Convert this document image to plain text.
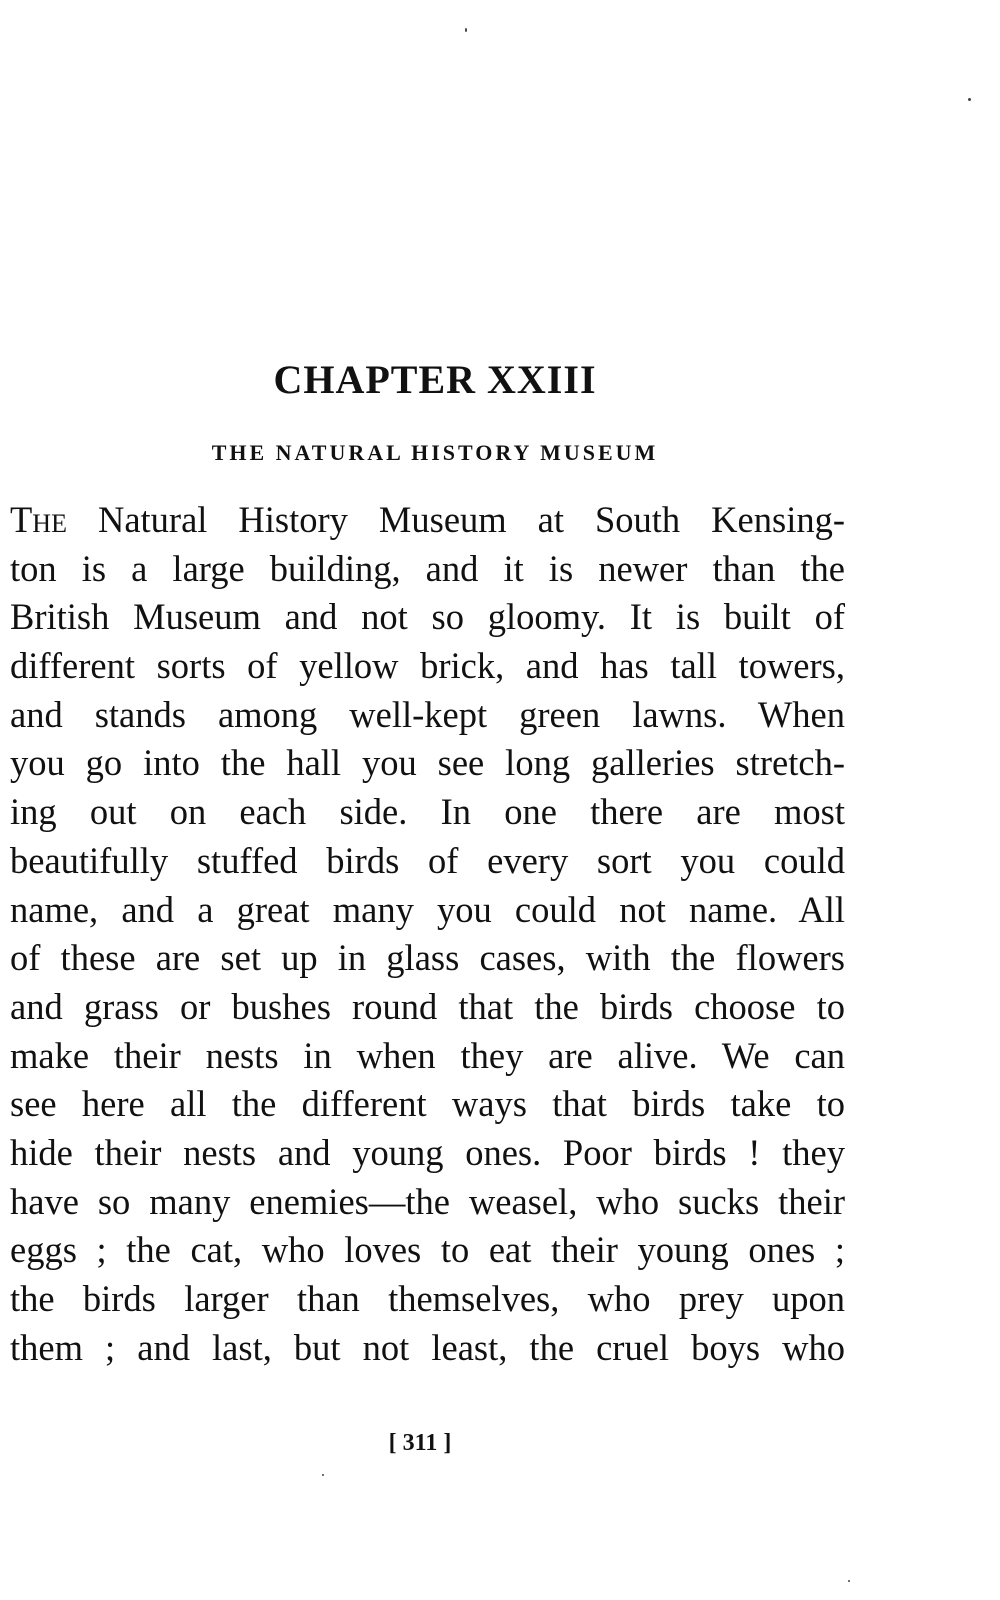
CHAPTER XXIII
THE NATURAL HISTORY MUSEUM
The Natural History Museum at South Kensing-
ton is a large building, and it is newer than the
British Museum and not so gloomy. It is built of
different sorts of yellow brick, and has tall towers,
and stands among well-kept green lawns. When
you go into the hall you see long galleries stretch-
ing out on each side. In one there are most
beautifully stuffed birds of every sort you could
name, and a great many you could not name. All
of these are set up in glass cases, with the flowers
and grass or bushes round that the birds choose to
make their nests in when they are alive. We can
see here all the different ways that birds take to
hide their nests and young ones. Poor birds ! they
have so many enemies—the weasel, who sucks their
eggs ; the cat, who loves to eat their young ones ;
the birds larger than themselves, who prey upon
them ; and last, but not least, the cruel boys who
[ 311 ]
